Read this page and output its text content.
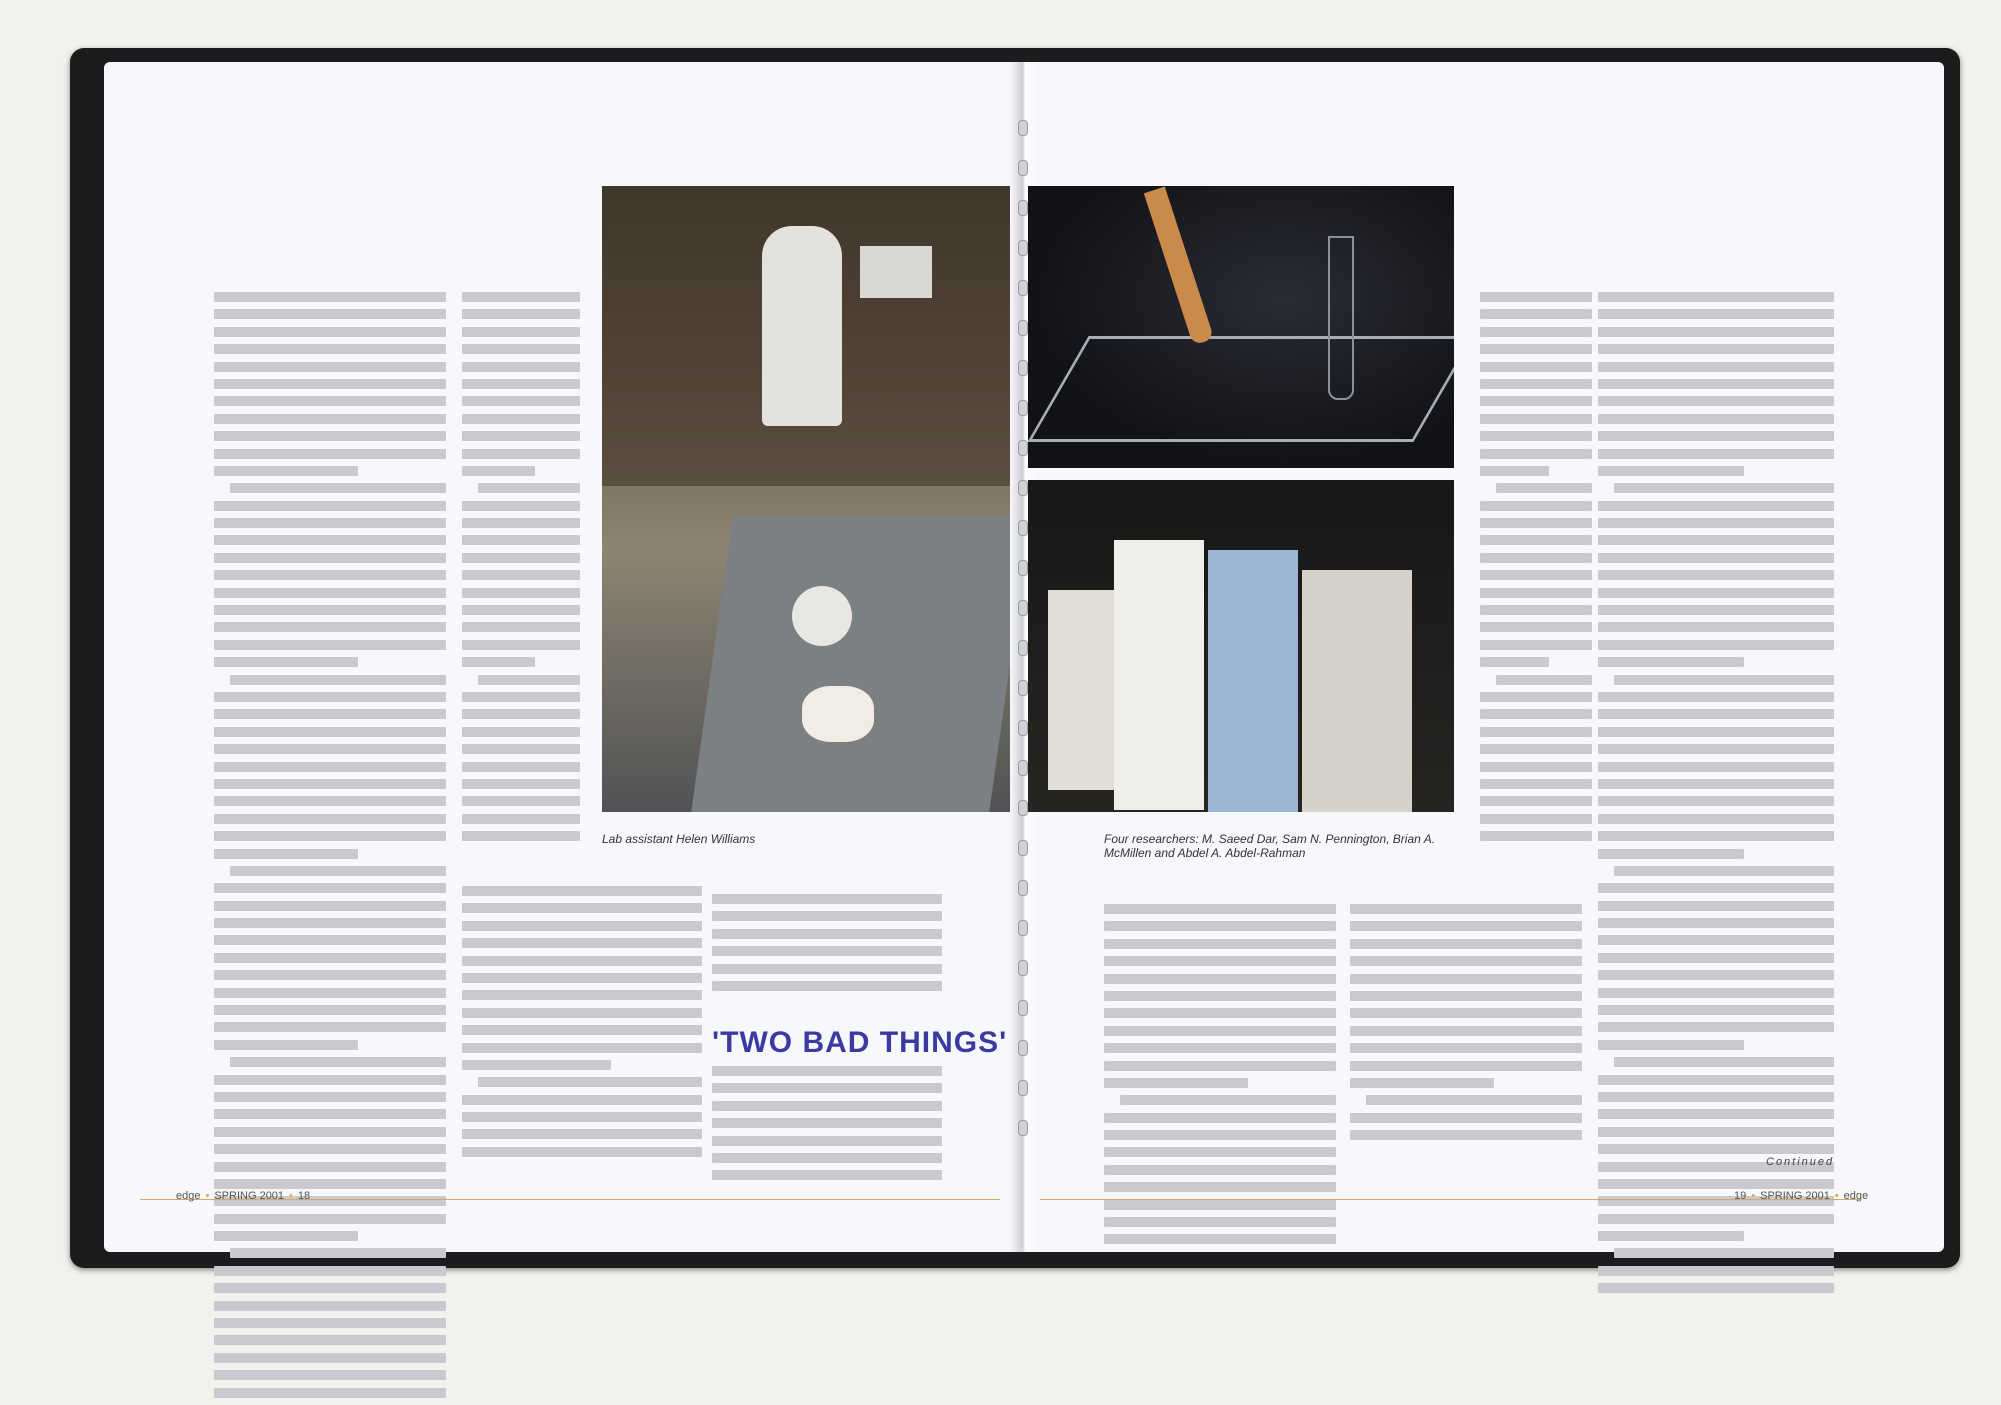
Lab assistant Helen Williams	Four researchers: M. Saeed Dar, Sam N. Pennington, Brian A. McMillen and Abdel A. Abdel-Rahman
'TWO BAD THINGS'
Continued
edge • SPRING 2001 • 18	19 • SPRING 2001 • edge
